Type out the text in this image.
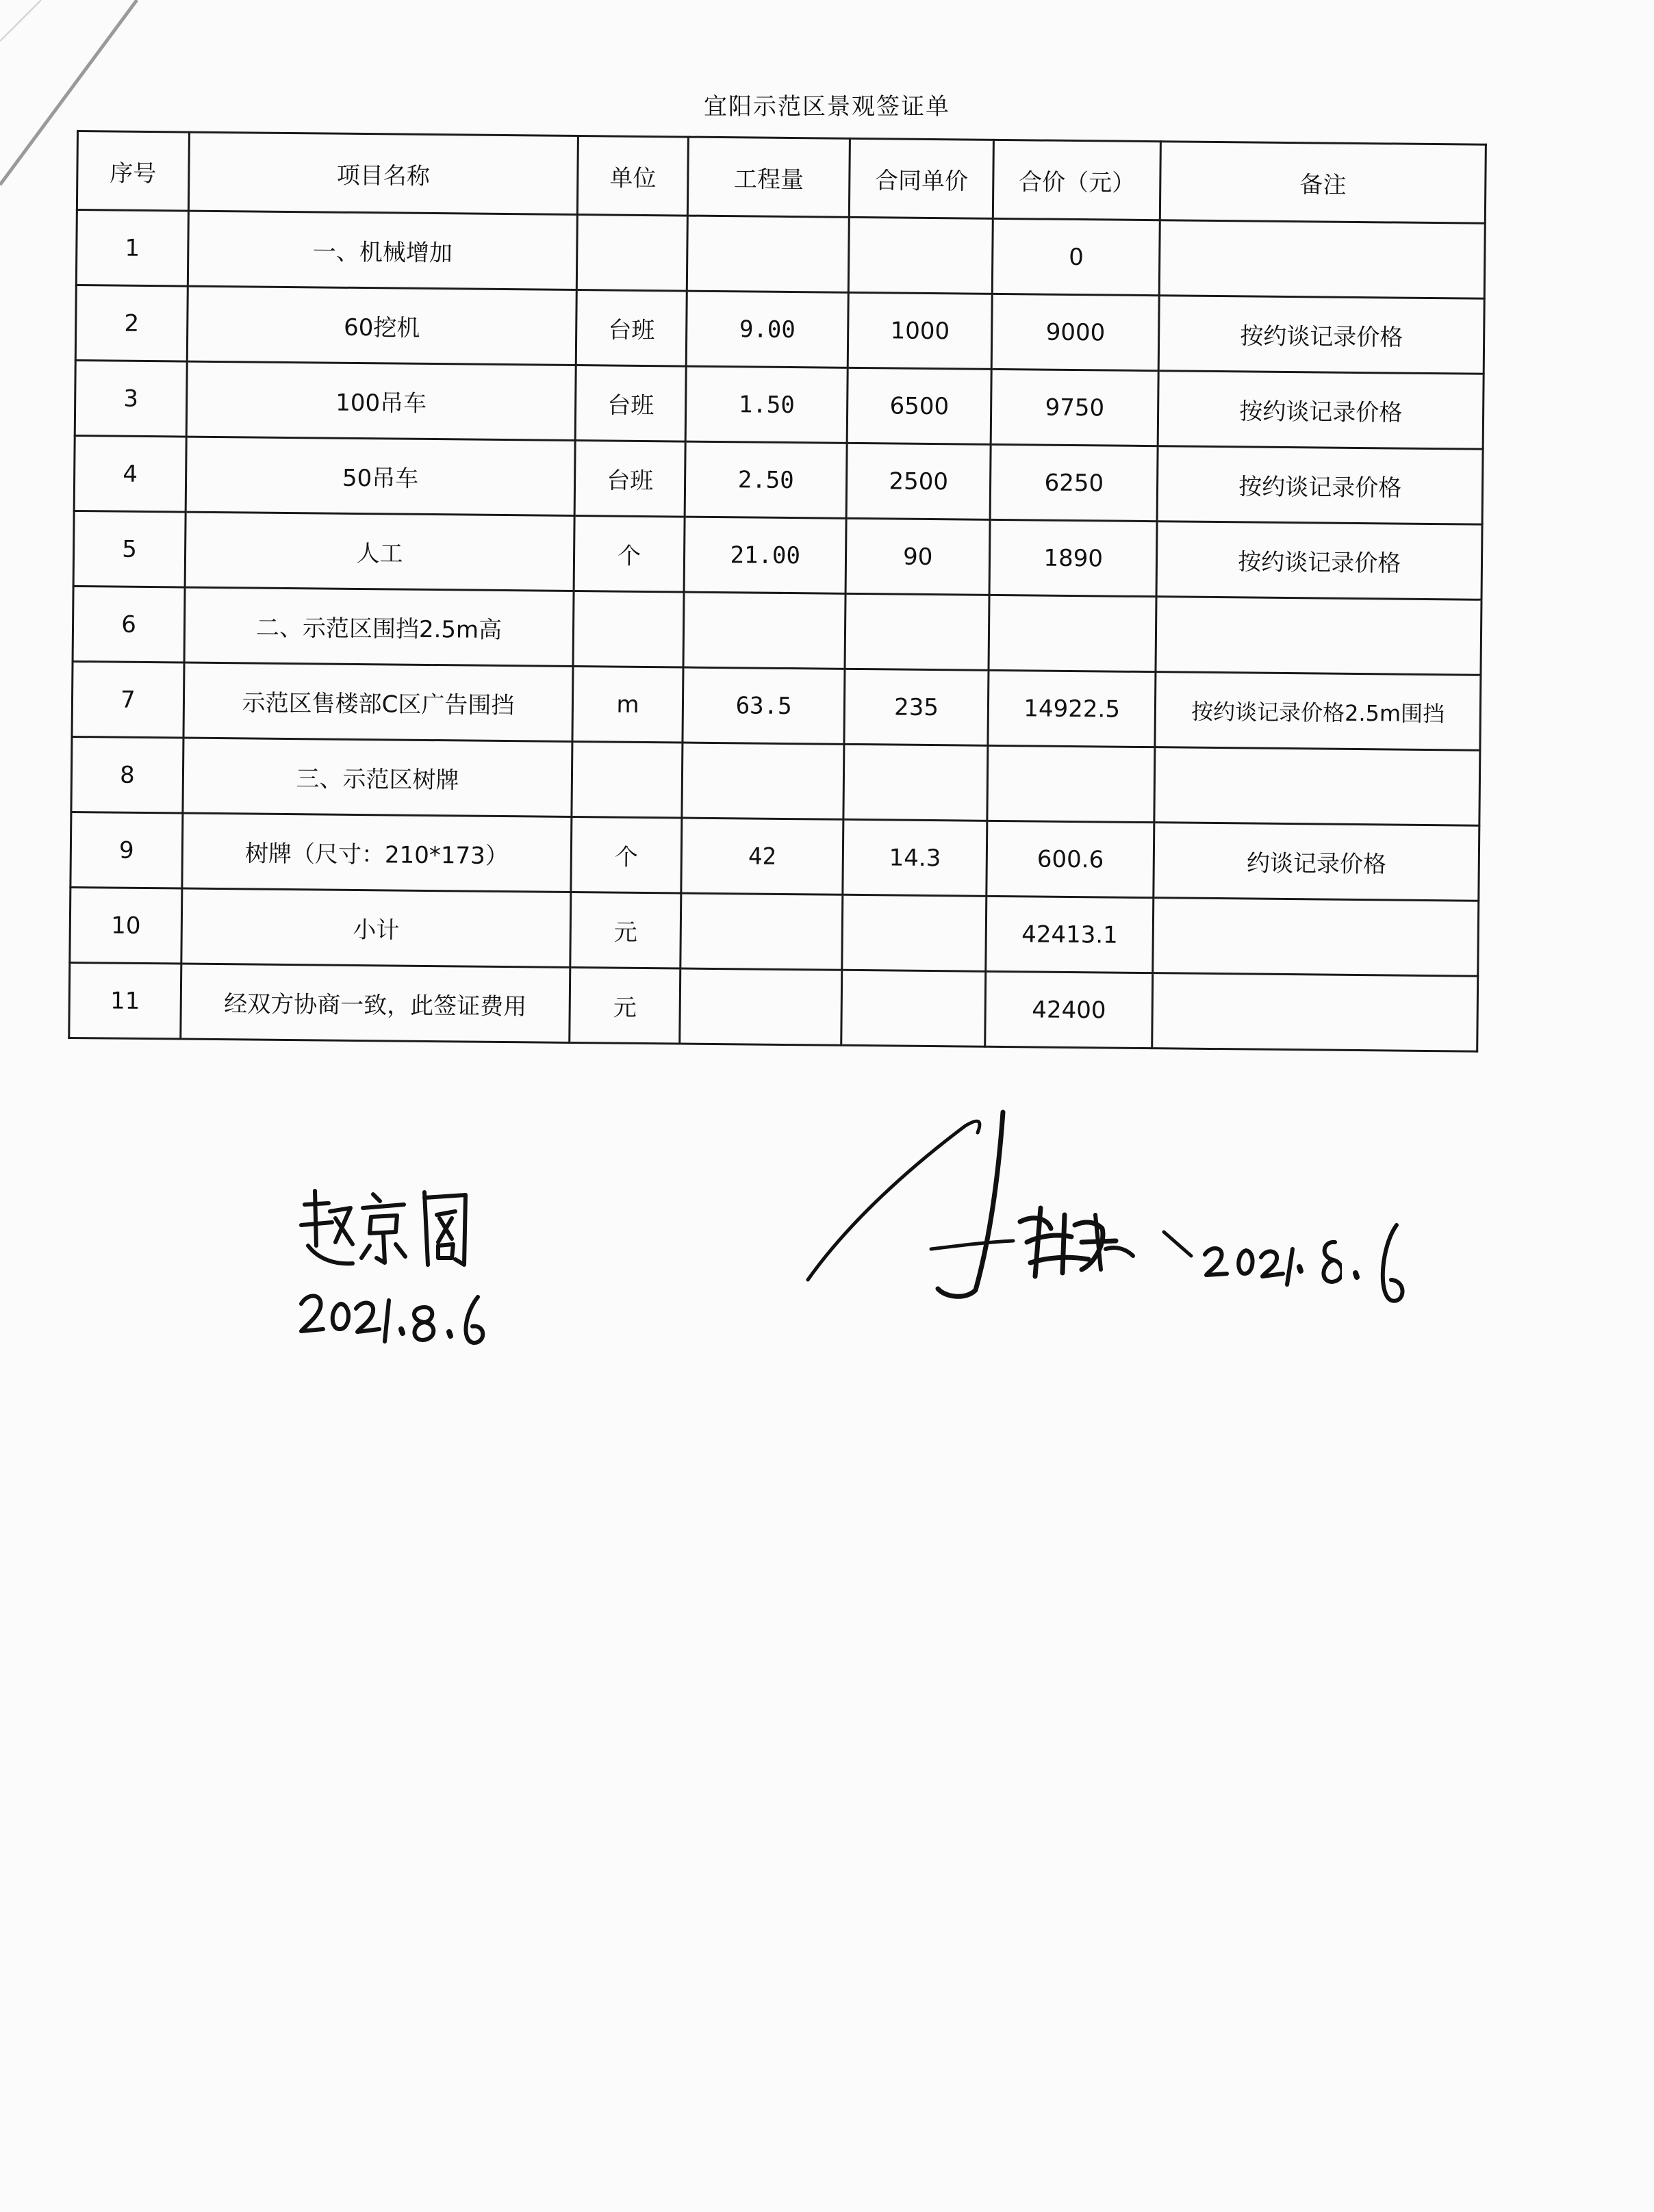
宜阳示范区景观签证单
序号	项目名称	单位	工程量	合同单价	合价（元）	备注
1	一、机械增加				0	
2	60挖机	台班	9.00	1000	9000	按约谈记录价格
3	100吊车	台班	1.50	6500	9750	按约谈记录价格
4	50吊车	台班	2.50	2500	6250	按约谈记录价格
5	人工	个	21.00	90	1890	按约谈记录价格
6	二、示范区围挡2.5m高					
7	示范区售楼部C区广告围挡	m	63.5	235	14922.5	按约谈记录价格2.5m围挡
8	三、示范区树牌					
9	树牌（尺寸：210*173）	个	42	14.3	600.6	约谈记录价格
10	小计	元			42413.1	
11	经双方协商一致，此签证费用	元			42400	
